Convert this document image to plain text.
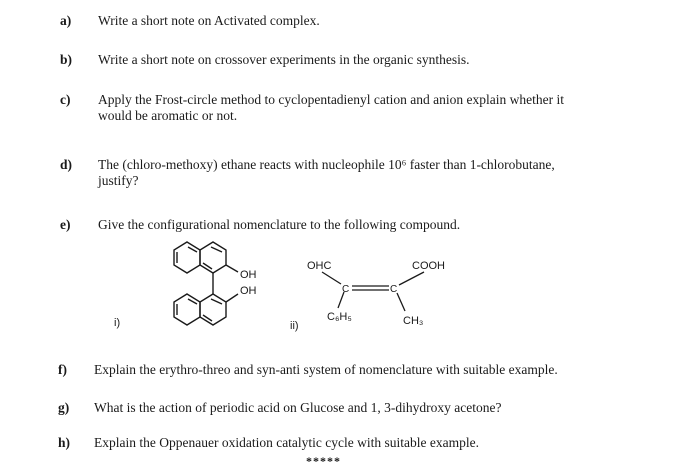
a) Write a short note on Activated complex.
b) Write a short note on crossover experiments in the organic synthesis.
c) Apply the Frost-circle method to cyclopentadienyl cation and anion explain whether it
would be aromatic or not.
d) The (chloro-methoxy) ethane reacts with nucleophile 10⁶ faster than 1-chlorobutane,
justify?
e) Give the configurational nomenclature to the following compound.
OH
OH
i)
OHC	COOH
C	C
C₆H₅	CH₃
ii)
f) Explain the erythro-threo and syn-anti system of nomenclature with suitable example.
g) What is the action of periodic acid on Glucose and 1, 3-dihydroxy acetone?
h) Explain the Oppenauer oxidation catalytic cycle with suitable example.
*****
